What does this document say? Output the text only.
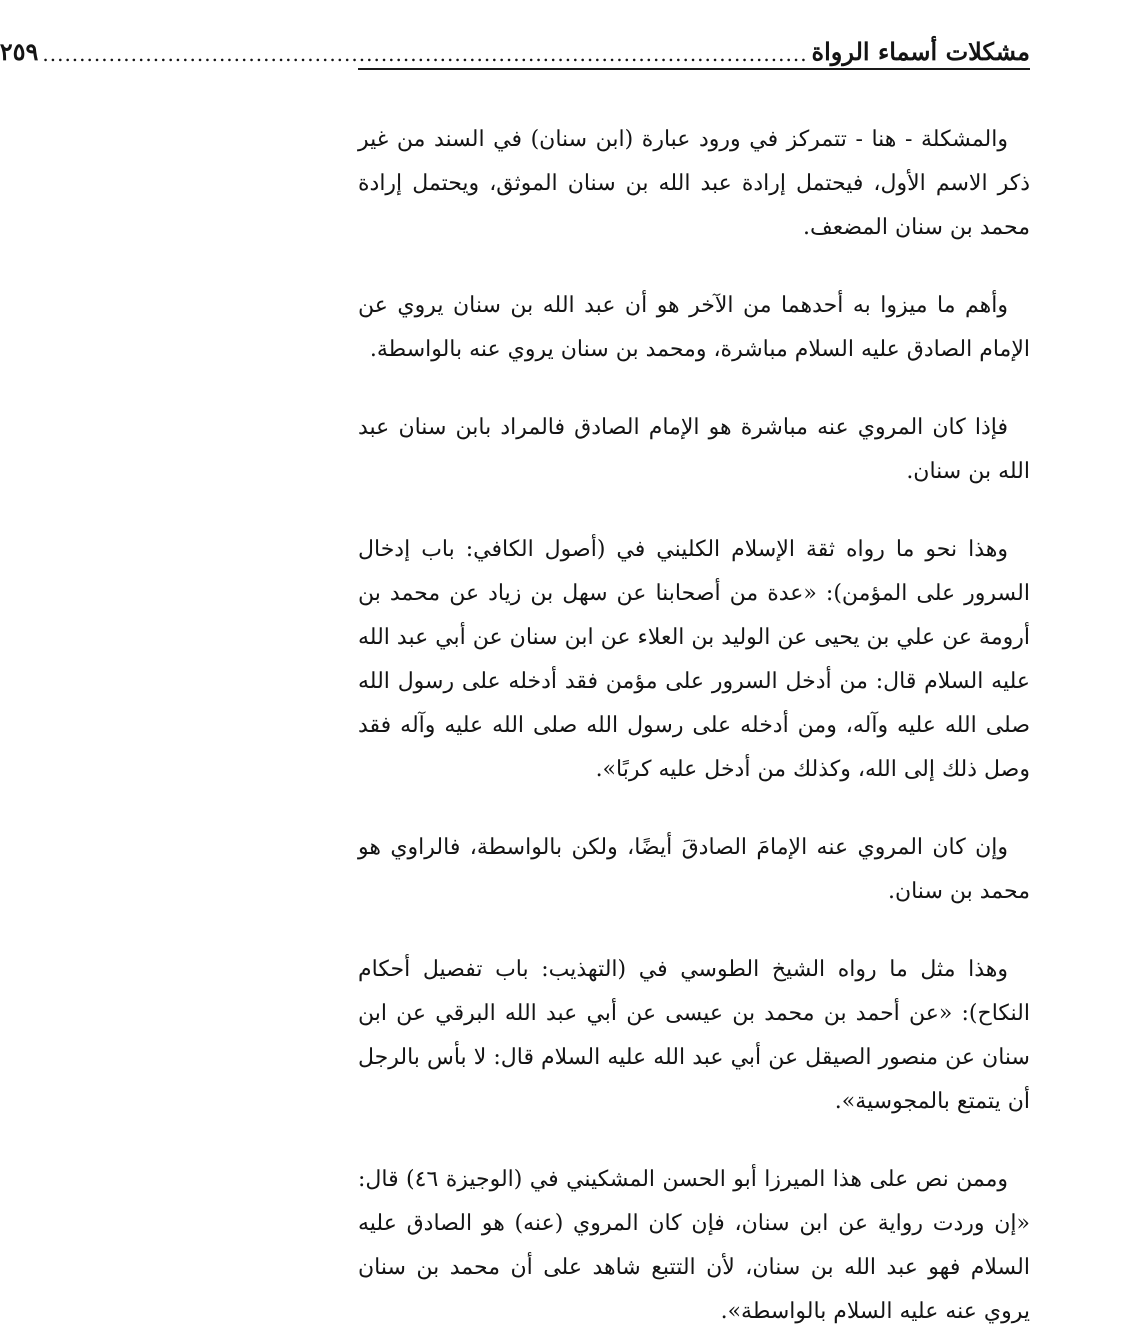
مشكلات أسماء الرواة
........................................................................................................
٢٥٩

والمشكلة - هنا - تتمركز في ورود عبارة (ابن سنان) في السند من غير ذكر الاسم الأول، فيحتمل إرادة عبد الله بن سنان الموثق، ويحتمل إرادة محمد بن سنان المضعف.

وأهم ما ميزوا به أحدهما من الآخر هو أن عبد الله بن سنان يروي عن الإمام الصادق عليه السلام مباشرة، ومحمد بن سنان يروي عنه بالواسطة.

فإذا كان المروي عنه مباشرة هو الإمام الصادق فالمراد بابن سنان عبد الله بن سنان.

وهذا نحو ما رواه ثقة الإسلام الكليني في (أصول الكافي: باب إدخال السرور على المؤمن): «عدة من أصحابنا عن سهل بن زياد عن محمد بن أرومة عن علي بن يحيى عن الوليد بن العلاء عن ابن سنان عن أبي عبد الله عليه السلام قال: من أدخل السرور على مؤمن فقد أدخله على رسول الله صلى الله عليه وآله، ومن أدخله على رسول الله صلى الله عليه وآله فقد وصل ذلك إلى الله، وكذلك من أدخل عليه كربًا».

وإن كان المروي عنه الإمامَ الصادقَ أيضًا، ولكن بالواسطة، فالراوي هو محمد بن سنان.

وهذا مثل ما رواه الشيخ الطوسي في (التهذيب: باب تفصيل أحكام النكاح): «عن أحمد بن محمد بن عيسى عن أبي عبد الله البرقي عن ابن سنان عن منصور الصيقل عن أبي عبد الله عليه السلام قال: لا بأس بالرجل أن يتمتع بالمجوسية».

وممن نص على هذا الميرزا أبو الحسن المشكيني في (الوجيزة ٤٦) قال: «إن وردت رواية عن ابن سنان، فإن كان المروي (عنه) هو الصادق عليه السلام فهو عبد الله بن سنان، لأن التتبع شاهد على أن محمد بن سنان يروي عنه عليه السلام بالواسطة».
